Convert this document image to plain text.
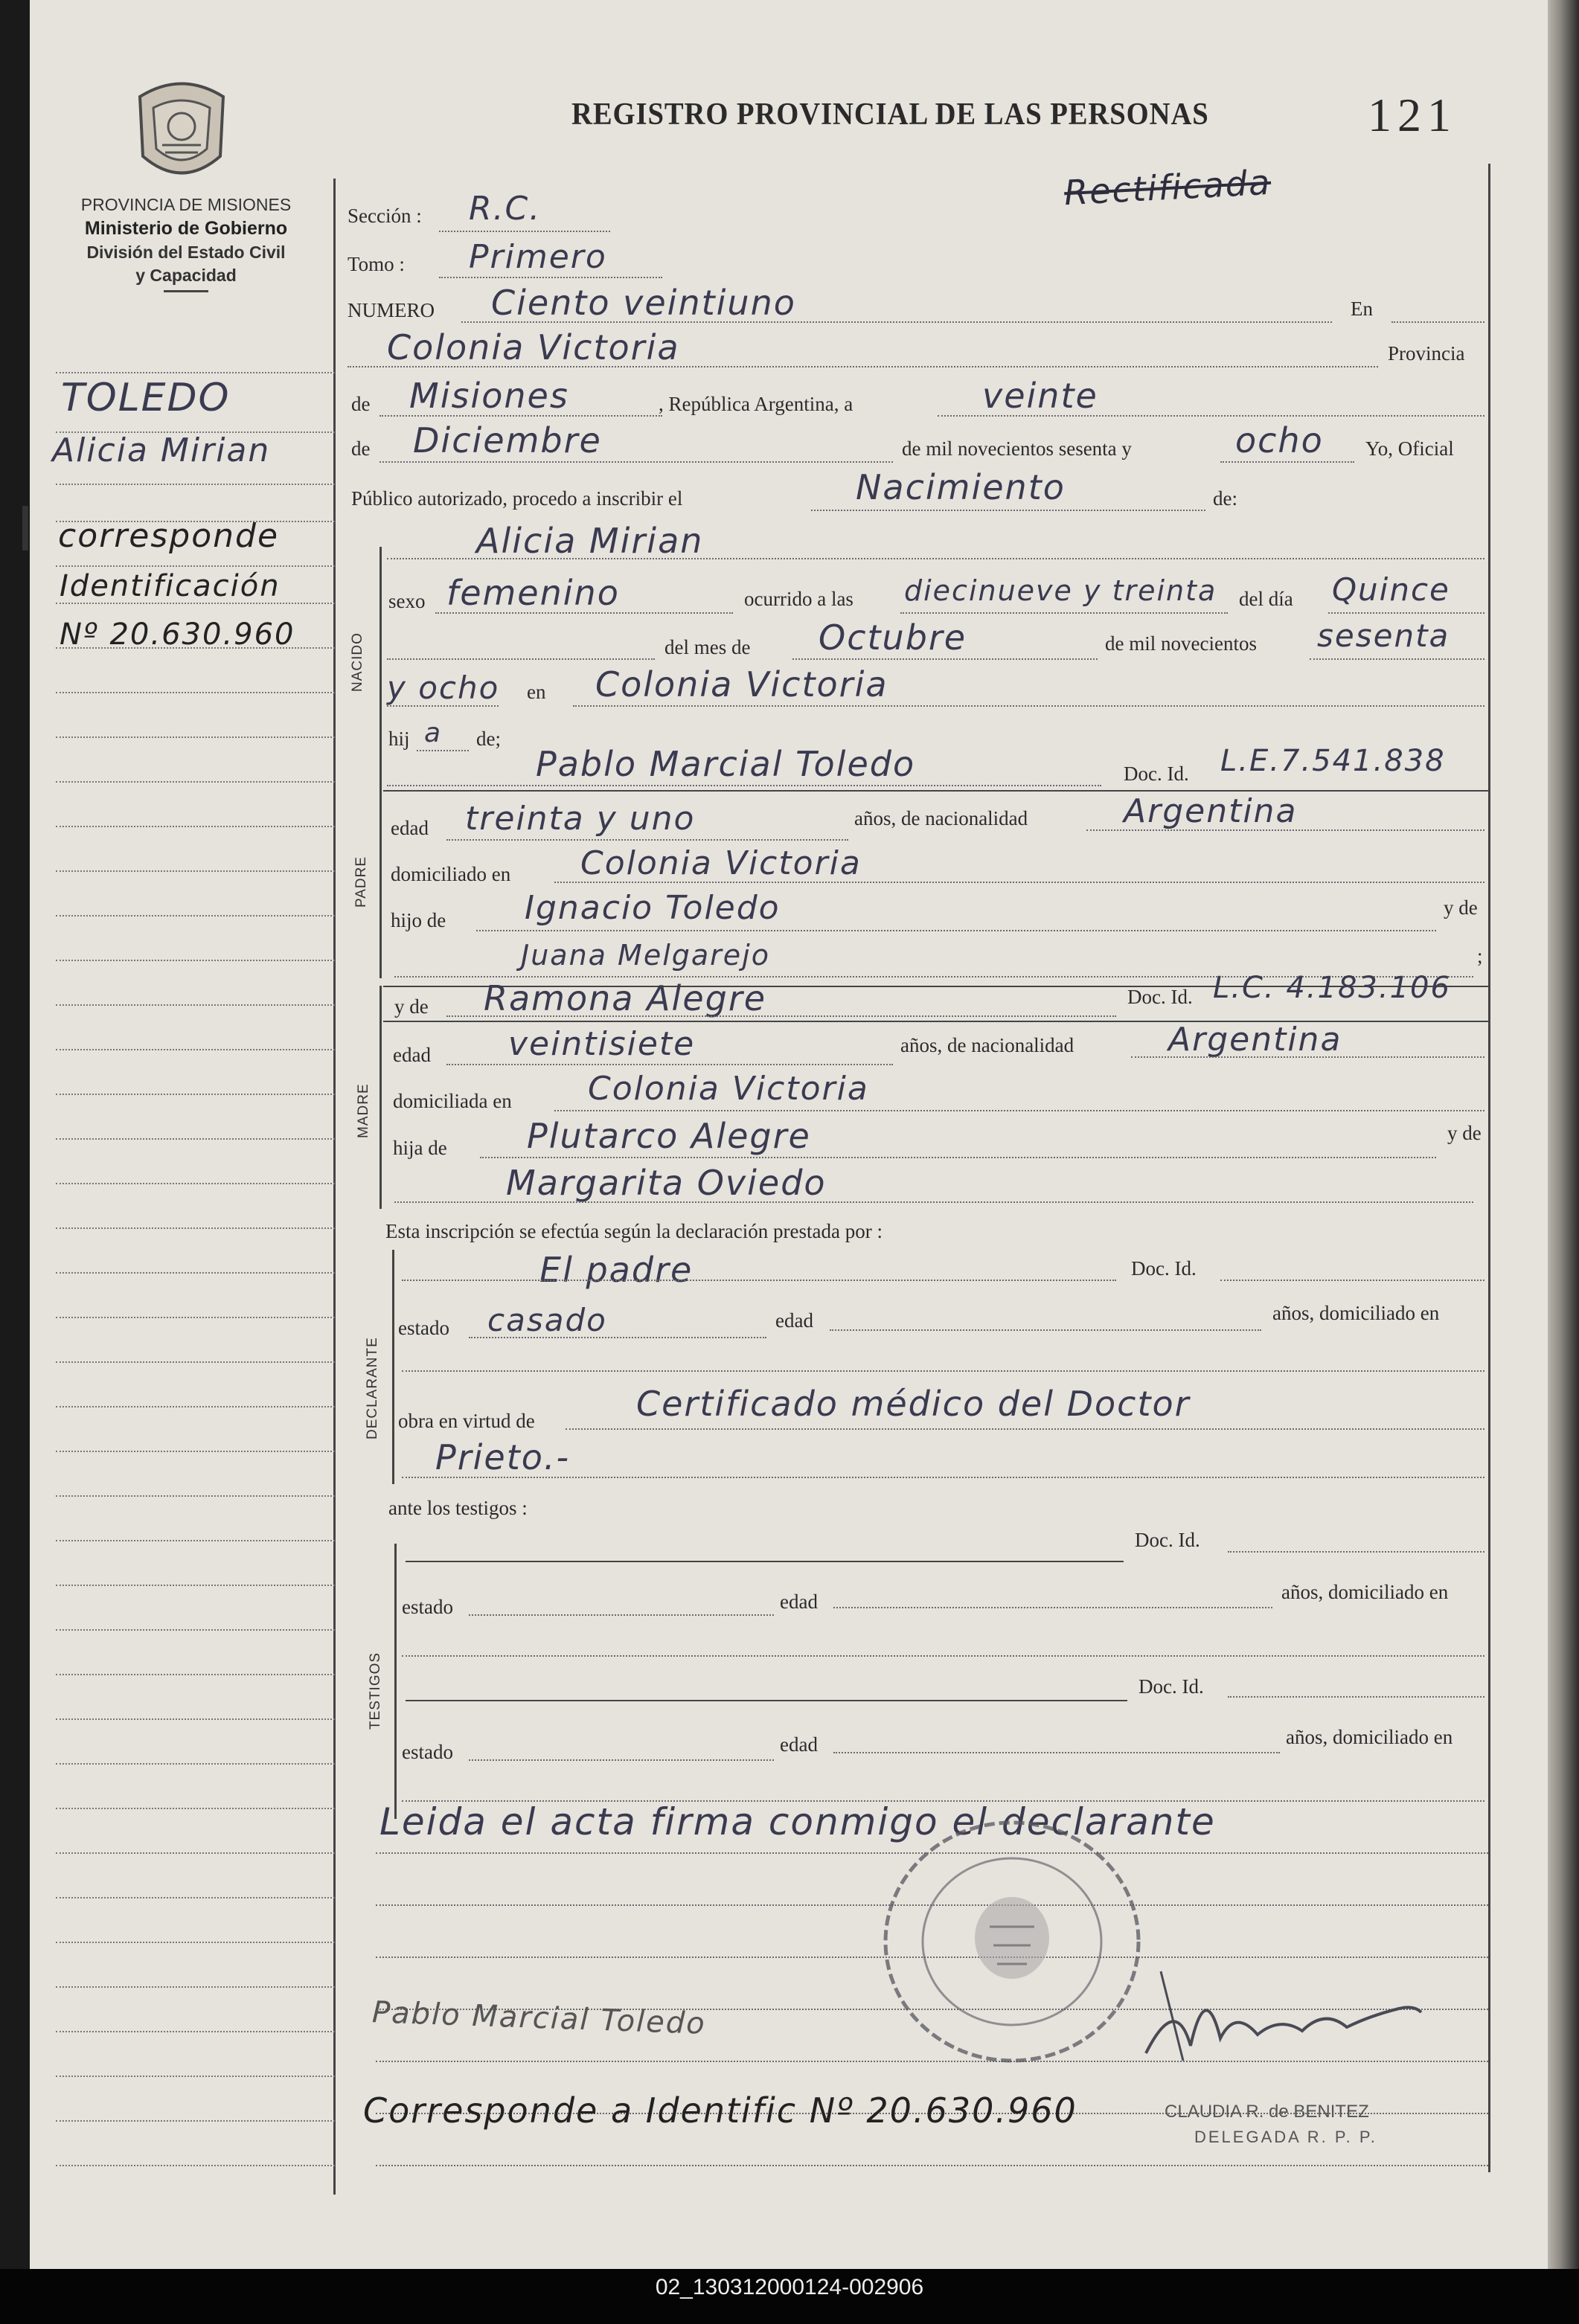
PROVINCIA DE MISIONES
Ministerio de Gobierno
División del Estado Civil
y Capacidad
REGISTRO PROVINCIAL DE LAS PERSONAS	121
Rectificada
TOLEDO
Alicia Mirian
corresponde
Identificación
Nº 20.630.960
Sección : R.C.
Tomo : Primero
NUMERO Ciento veintiuno	En
Colonia Victoria	Provincia
de Misiones	, República Argentina, a	veinte
de Diciembre	de mil novecientos sesenta y	ocho Yo, Oficial
Público autorizado, procedo a inscribir el	Nacimiento	de:
Alicia Mirian
NACIDO
sexo femenino	ocurrido a las diecinueve y treinta del día Quince
del mes de Octubre	de mil novecientos sesenta
y ocho en Colonia Victoria
hij a de;
PADRE
Pablo Marcial Toledo	Doc. Id. L.E.7.541.838
edad treinta y uno	años, de nacionalidad	Argentina
domiciliado en Colonia Victoria
hijo de Ignacio Toledo	y de
Juana Melgarejo	;
MADRE
y de Ramona Alegre	Doc. Id. L.C. 4.183.106
edad veintisiete	años, de nacionalidad	Argentina
domiciliada en Colonia Victoria
hija de Plutarco Alegre	y de
Margarita Oviedo
Esta inscripción se efectúa según la declaración prestada por :
DECLARANTE
El padre	Doc. Id.
estado casado	edad	años, domiciliado en
obra en virtud de	Certificado médico del Doctor
Prieto.-
ante los testigos :
TESTIGOS
Doc. Id.
estado	edad	años, domiciliado en
Doc. Id.
estado	edad	años, domiciliado en
Leida el acta firma conmigo el declarante
Pablo Marcial Toledo
Corresponde a Identific Nº 20.630.960	CLAUDIA R. de BENITEZ
DELEGADA R. P. P.
02_130312000124-002906
